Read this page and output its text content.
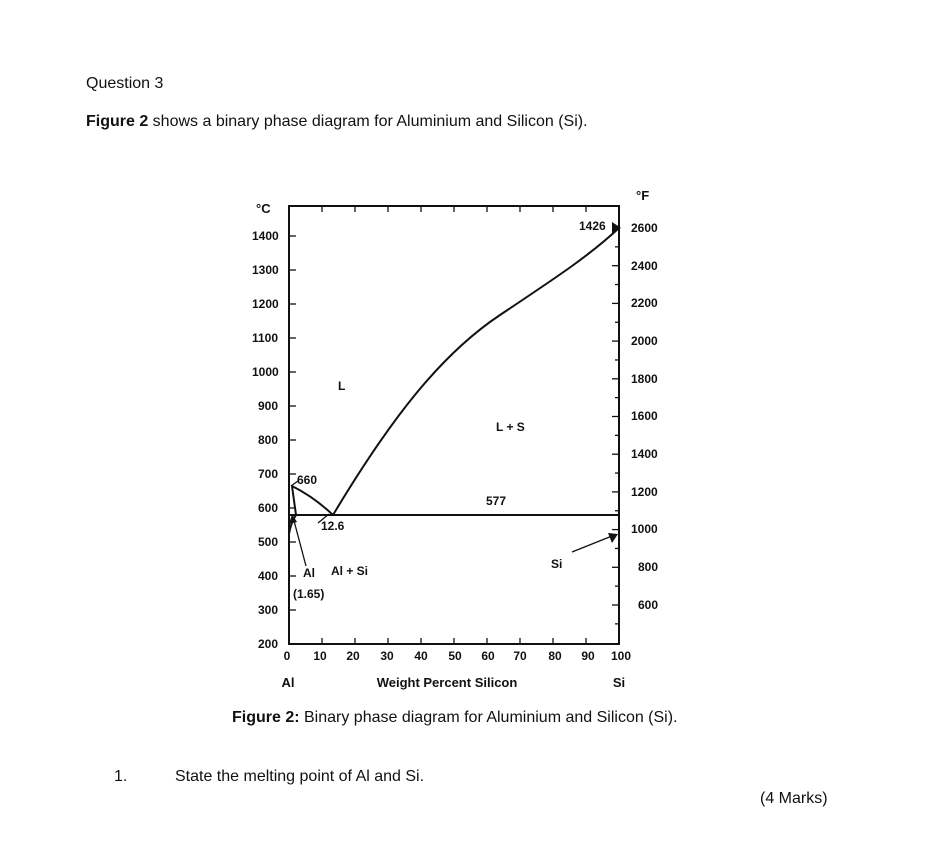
Question 3
Figure 2 shows a binary phase diagram for Aluminium and Silicon (Si).
°C
°F
1400
1300
1200
1100
1000
900
800
700
600
500
400
300
200
2600
2400
2200
2000
1800
1600
1400
1200
1000
800
600
0 10 20 30 40 50 60 70 80 90 100
Weight Percent Silicon
Al	Si
L
L + S
Al + Si
Al
(1.65)
Si
577
12.6
660
1426
Figure 2: Binary phase diagram for Aluminium and Silicon (Si).
1.	State the melting point of Al and Si.
(4 Marks)
